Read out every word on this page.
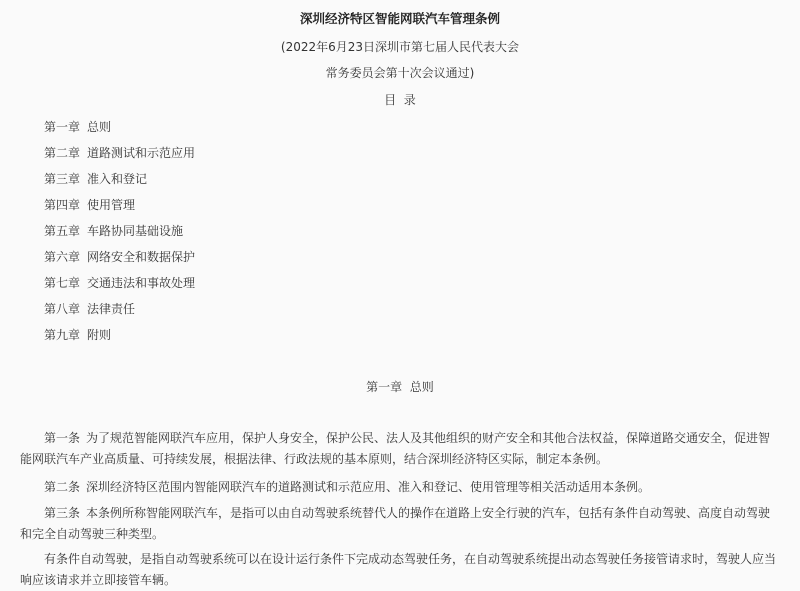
深圳经济特区智能网联汽车管理条例
(2022年6月23日深圳市第七届人民代表大会
常务委员会第十次会议通过)
目  录
第一章 总则
第二章 道路测试和示范应用
第三章 准入和登记
第四章 使用管理
第五章 车路协同基础设施
第六章 网络安全和数据保护
第七章 交通违法和事故处理
第八章 法律责任
第九章 附则
第一章  总则
第一条 为了规范智能网联汽车应用，保护人身安全，保护公民、法人及其他组织的财产安全和其他合法权益，保障道路交通安全，促进智能网联汽车产业高质量、可持续发展，根据法律、行政法规的基本原则，结合深圳经济特区实际，制定本条例。
第二条 深圳经济特区范围内智能网联汽车的道路测试和示范应用、准入和登记、使用管理等相关活动适用本条例。
第三条 本条例所称智能网联汽车，是指可以由自动驾驶系统替代人的操作在道路上安全行驶的汽车，包括有条件自动驾驶、高度自动驾驶和完全自动驾驶三种类型。
有条件自动驾驶，是指自动驾驶系统可以在设计运行条件下完成动态驾驶任务，在自动驾驶系统提出动态驾驶任务接管请求时，驾驶人应当响应该请求并立即接管车辆。
